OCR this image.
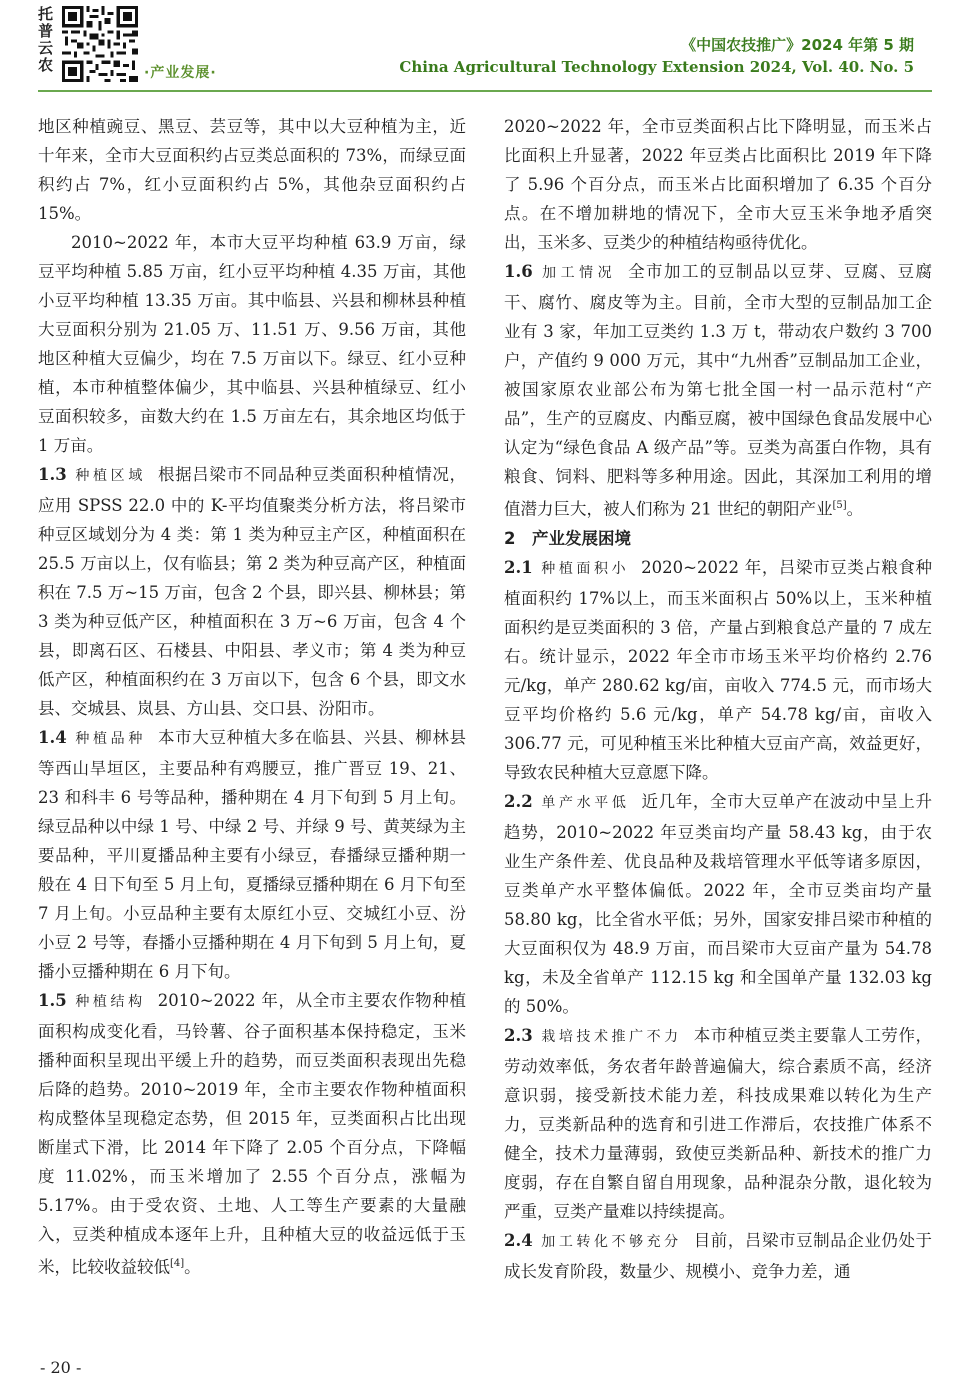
托
普
云
农	·产业发展·
《中国农技推广》2024 年第 5 期
China Agricultural Technology Extension 2024, Vol. 40. No. 5

地区种植豌豆、黑豆、芸豆等，其中以大豆种植为主，近十年来，全市大豆面积约占豆类总面积的 73%，而绿豆面积约占 7%，红小豆面积约占 5%，其他杂豆面积约占 15%。

2010~2022 年，本市大豆平均种植 63.9 万亩，绿豆平均种植 5.85 万亩，红小豆平均种植 4.35 万亩，其他小豆平均种植 13.35 万亩。其中临县、兴县和柳林县种植大豆面积分别为 21.05 万、11.51 万、9.56 万亩，其他地区种植大豆偏少，均在 7.5 万亩以下。绿豆、红小豆种植，本市种植整体偏少，其中临县、兴县种植绿豆、红小豆面积较多，亩数大约在 1.5 万亩左右，其余地区均低于 1 万亩。

1.3 种植区域 根据吕梁市不同品种豆类面积种植情况，应用 SPSS 22.0 中的 K-平均值聚类分析方法，将吕梁市种豆区域划分为 4 类：第 1 类为种豆主产区，种植面积在 25.5 万亩以上，仅有临县；第 2 类为种豆高产区，种植面积在 7.5 万~15 万亩，包含 2 个县，即兴县、柳林县；第 3 类为种豆低产区，种植面积在 3 万~6 万亩，包含 4 个县，即离石区、石楼县、中阳县、孝义市；第 4 类为种豆低产区，种植面积约在 3 万亩以下，包含 6 个县，即文水县、交城县、岚县、方山县、交口县、汾阳市。

1.4 种植品种 本市大豆种植大多在临县、兴县、柳林县等西山旱垣区，主要品种有鸡腰豆，推广晋豆 19、21、23 和科丰 6 号等品种，播种期在 4 月下旬到 5 月上旬。绿豆品种以中绿 1 号、中绿 2 号、并绿 9 号、黄荚绿为主要品种，平川夏播品种主要有小绿豆，春播绿豆播种期一般在 4 日下旬至 5 月上旬，夏播绿豆播种期在 6 月下旬至 7 月上旬。小豆品种主要有太原红小豆、交城红小豆、汾小豆 2 号等，春播小豆播种期在 4 月下旬到 5 月上旬，夏播小豆播种期在 6 月下旬。

1.5 种植结构 2010~2022 年，从全市主要农作物种植面积构成变化看，马铃薯、谷子面积基本保持稳定，玉米播种面积呈现出平缓上升的趋势，而豆类面积表现出先稳后降的趋势。2010~2019 年，全市主要农作物种植面积构成整体呈现稳定态势，但 2015 年，豆类面积占比出现断崖式下滑，比 2014 年下降了 2.05 个百分点，下降幅度 11.02%，而玉米增加了 2.55 个百分点，涨幅为 5.17%。由于受农资、土地、人工等生产要素的大量融入，豆类种植成本逐年上升，且种植大豆的收益远低于玉米，比较收益较低[4]。

2020~2022 年，全市豆类面积占比下降明显，而玉米占比面积上升显著，2022 年豆类占比面积比 2019 年下降了 5.96 个百分点，而玉米占比面积增加了 6.35 个百分点。在不增加耕地的情况下，全市大豆玉米争地矛盾突出，玉米多、豆类少的种植结构亟待优化。

1.6 加工情况 全市加工的豆制品以豆芽、豆腐、豆腐干、腐竹、腐皮等为主。目前，全市大型的豆制品加工企业有 3 家，年加工豆类约 1.3 万 t，带动农户数约 3 700 户，产值约 9 000 万元，其中“九州香”豆制品加工企业，被国家原农业部公布为第七批全国一村一品示范村“产品”，生产的豆腐皮、内酯豆腐，被中国绿色食品发展中心认定为“绿色食品 A 级产品”等。豆类为高蛋白作物，具有粮食、饲料、肥料等多种用途。因此，其深加工利用的增值潜力巨大，被人们称为 21 世纪的朝阳产业[5]。

2　产业发展困境

2.1 种植面积小 2020~2022 年，吕梁市豆类占粮食种植面积约 17%以上，而玉米面积占 50%以上，玉米种植面积约是豆类面积的 3 倍，产量占到粮食总产量的 7 成左右。统计显示，2022 年全市市场玉米平均价格约 2.76 元/kg，单产 280.62 kg/亩，亩收入 774.5 元，而市场大豆平均价格约 5.6 元/kg，单产 54.78 kg/亩，亩收入 306.77 元，可见种植玉米比种植大豆亩产高，效益更好，导致农民种植大豆意愿下降。

2.2 单产水平低 近几年，全市大豆单产在波动中呈上升趋势，2010~2022 年豆类亩均产量 58.43 kg，由于农业生产条件差、优良品种及栽培管理水平低等诸多原因，豆类单产水平整体偏低。2022 年，全市豆类亩均产量 58.80 kg，比全省水平低；另外，国家安排吕梁市种植的大豆面积仅为 48.9 万亩，而吕梁市大豆亩产量为 54.78 kg，未及全省单产 112.15 kg 和全国单产量 132.03 kg 的 50%。

2.3 栽培技术推广不力 本市种植豆类主要靠人工劳作，劳动效率低，务农者年龄普遍偏大，综合素质不高，经济意识弱，接受新技术能力差，科技成果难以转化为生产力，豆类新品种的选育和引进工作滞后，农技推广体系不健全，技术力量薄弱，致使豆类新品种、新技术的推广力度弱，存在自繁自留自用现象，品种混杂分散，退化较为严重，豆类产量难以持续提高。

2.4 加工转化不够充分 目前，吕梁市豆制品企业仍处于成长发育阶段，数量少、规模小、竞争力差，通

- 20 -
